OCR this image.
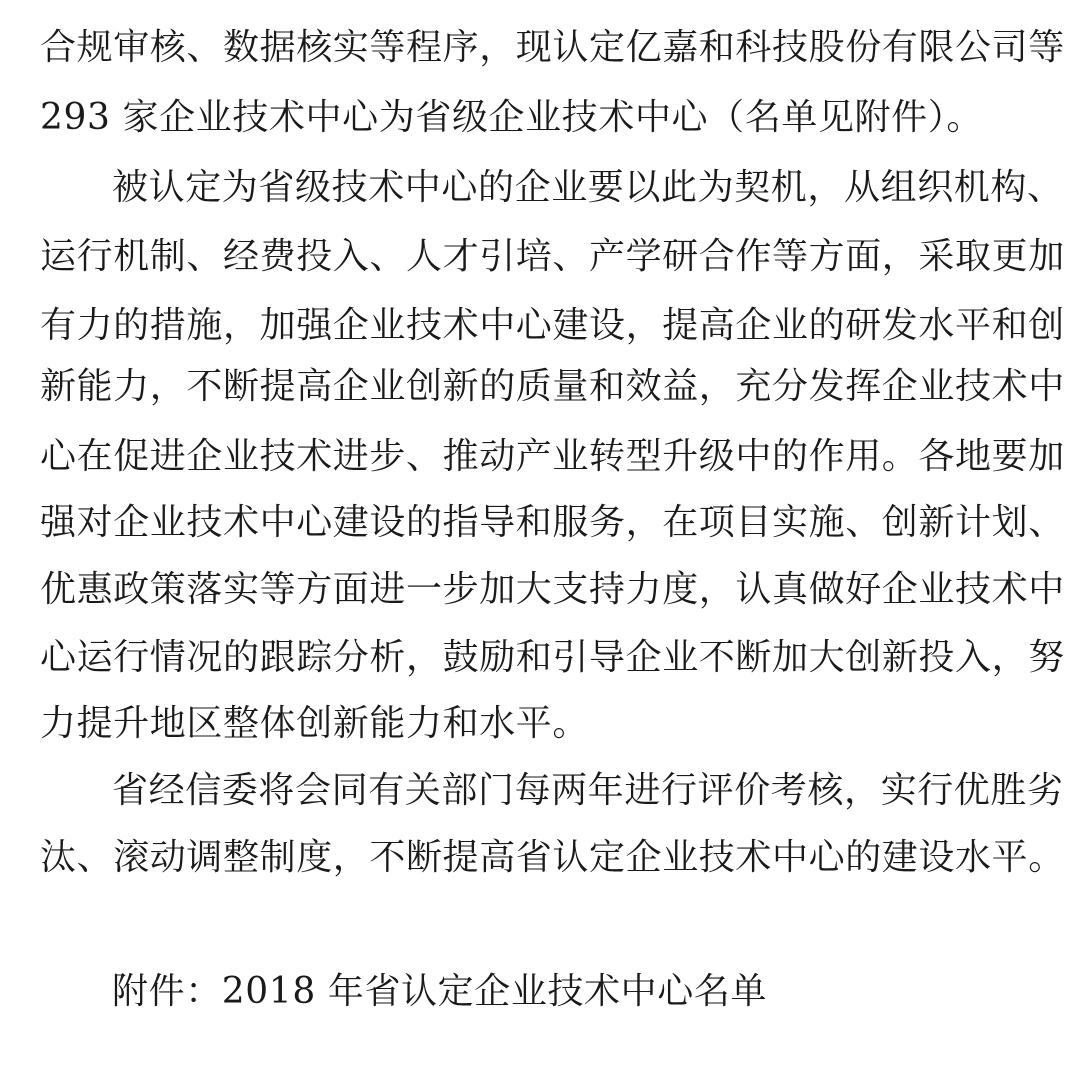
合规审核、数据核实等程序，现认定亿嘉和科技股份有限公司等
293 家企业技术中心为省级企业技术中心（名单见附件）。
被认定为省级技术中心的企业要以此为契机，从组织机构、
运行机制、经费投入、人才引培、产学研合作等方面，采取更加
有力的措施，加强企业技术中心建设，提高企业的研发水平和创
新能力，不断提高企业创新的质量和效益，充分发挥企业技术中
心在促进企业技术进步、推动产业转型升级中的作用。各地要加
强对企业技术中心建设的指导和服务，在项目实施、创新计划、
优惠政策落实等方面进一步加大支持力度，认真做好企业技术中
心运行情况的跟踪分析，鼓励和引导企业不断加大创新投入，努
力提升地区整体创新能力和水平。
省经信委将会同有关部门每两年进行评价考核，实行优胜劣
汰、滚动调整制度，不断提高省认定企业技术中心的建设水平。
附件：2018 年省认定企业技术中心名单
